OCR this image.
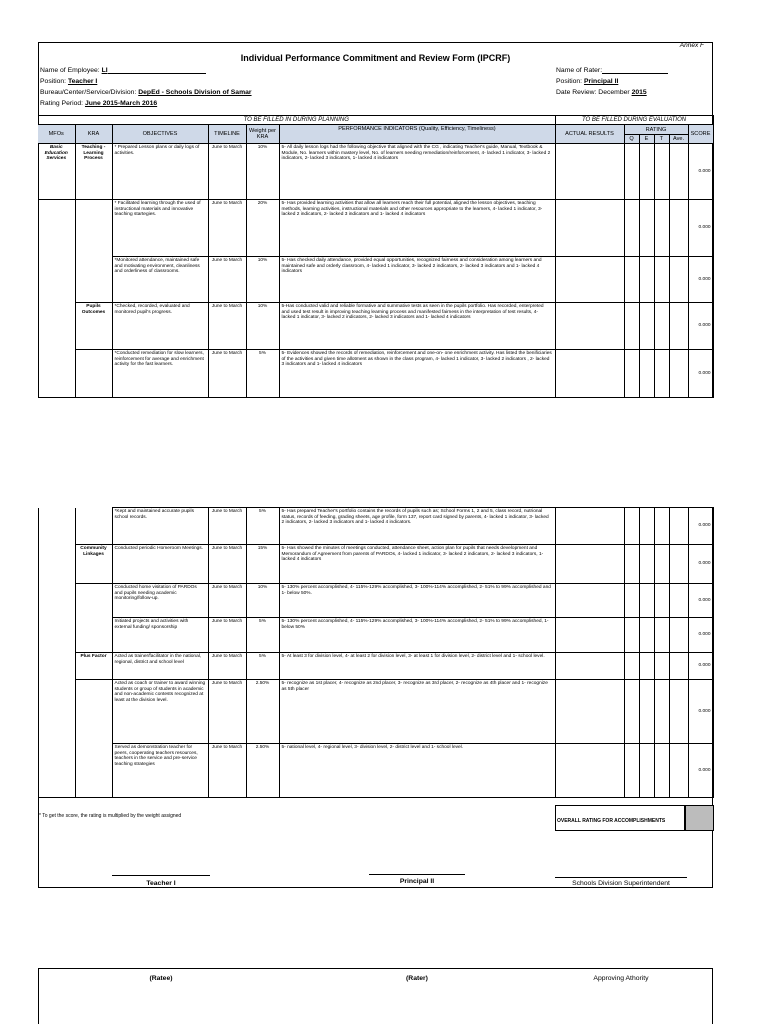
Annex F
Individual Performance Commitment and Review Form (IPCRF)
Name of Employee: LI
Position: Teacher I
Bureau/Center/Service/Division: DepEd - Schools Division of Samar
Rating Period: June 2015-March 2016
Name of Rater:
Position: Principal II
Date Review: December 2015
TO BE FILLED IN DURING PLANNING						TO BE FILLED DURING EVALUATION					
MFOs	KRA	OBJECTIVES	TIMELINE	Weight per KRA	PERFORMANCE INDICATORS (Quality, Efficiency, Timeliness)	ACTUAL RESULTS	RATING				SCORE
							Q	E	T	Ave.	
Basic Education Services	Teaching -Learning Process	* Prepared Lesson plans or daily logs of activities.	June to March	10%	5- All daily lesson logs had the following objective that aligned with the CG , indicating Teacher's guide, Manual, Textbook & Module, No. learners within mastery level, No. of learners needing remediation/reinforcement, 4- lacked 1 indicator, 3- lacked 2 indicators, 2- lacked 3 indicators, 1- lacked 4 indicators						0.000
		* Facilitated learning through the used of instructional materials and innovative teaching startegies.	June to March	20%	5- Has provided learning activities that allow all learners reach their full potential, aligned the lesson objectives, teaching methods, learning activities, instructional materials and other resources appropriate to the learners, 4- lacked 1 indicator, 3- lacked 2 indicators, 2- lacked 3 indicators and 1- lacked 4 indicators						0.000
		*Monitored attendance, maintained safe and motivating environment, cleanliness and orderliness of classrooms.	June to March	10%	5- Has checked daily attendance, provided equal opportunities, recognized fairness and consideration among learners and maintained safe and orderly classroom, 4- lacked 1 indicator, 3- lacked 2 indicators, 2- lacked 3 indicators and 1- lacked 4 indicators						0.000
	Pupils Outcomes	*Checked, recorded, evaluated and monitored pupil's progress.	June to March	10%	5-Has conducted valid and reliable formative and summative tests as seen in the pupils portfolio. Has recorded, enterpreted and used test result in improving teaching learning process and manifested fairness in the interpretation of test results, 4- lacked 1 indicator, 3- lacked 2 indicators, 2- lacked 3 indicators and 1- lacked 4 indicators						0.000
		*Conducted remediation for slow learners, reinforcement for average and enrichment activity for the fast learners.	June to March	5%	5- Evidences showed the records of remediation, reinforcement and one-on- one enrichment activity. Has listed the benificiaries of the activities and given time allotment as shown in the class program, 4- lacked 1 indicator, 3- lacked 2 indicators , 2- lacked 3 indicators and 1- lacked 4 indicators						0.000
		*Kept and maintained accurate pupils school records.	June to March	5%	5- Has prepared Teacher's portfolio contains the records of pupils such as; School Forms 1, 2 and 5, class record, nutrional status, records of feeding, grading sheets, age profile, form 137, report card signed by parents, 4- lacked 1 indicator, 3- lacked 2 indicators, 2- lacked 3 indicators and 1- lacked 4 indicators.						0.000
	Community Linkages	Conducted periodic Homeroom Meetings.	June to March	15%	5- Has showed the minutes of meetings conducted, attendance sheet, action plan for pupils that needs development and Memorandum of Agreement from parents of PARDOs, 4- lacked 1 indicator, 3- lacked 2 indicators, 2- lacked 3 indicators, 1- lacked 4 indicators						0.000
		Conducted home visitation of PARDOs and pupils needing academic monitoring/follow-up.	June to March	10%	5- 130% percent accomplished, 4- 115%-129% accomplished, 3- 100%-114% accomplished, 2- 51% to 99% accomplished and 1- below 50%.						0.000
		Initiated projects and activities with external funding/ sponsorship	June to March	5%	5- 130% percent accomplished, 4- 115%-129% accomplished, 3- 100%-114% accomplished, 2- 51% to 99% accomplished, 1- below 50%						0.000
	Plus Factor	Acted as trainer/facilitator in the national, regional, district and school level	June to March	5%	5- At least 3 for division level, 4- at least 2 for division level, 3- at least 1 for division level, 2- district level and 1- school level.						0.000
		Acted as coach or trainer to award winning students or group of students in academic and non-academic contests recognized at least at the division level.	June to March	2.50%	5- recognize as 1st placer, 4- recognize as 2nd placer, 3- recognize as 3rd placer, 2- recognize as 4th placer and 1- recognize as 5th placer						0.000
		Served as demonstration teacher for peers, cooperating teachers resources, teachers in the service and pre-service teaching strategies	June to March	2.50%	5- national level, 4- regional level, 3- division level, 2- district level and 1- school level.						0.000
* To get the score, the rating is multiplied by the weight assigned
OVERALL RATING FOR ACCOMPLISHMENTS
Teacher I	Principal II	Schools Division Superintendent
(Ratee)	(Rater)	Approving Athority
